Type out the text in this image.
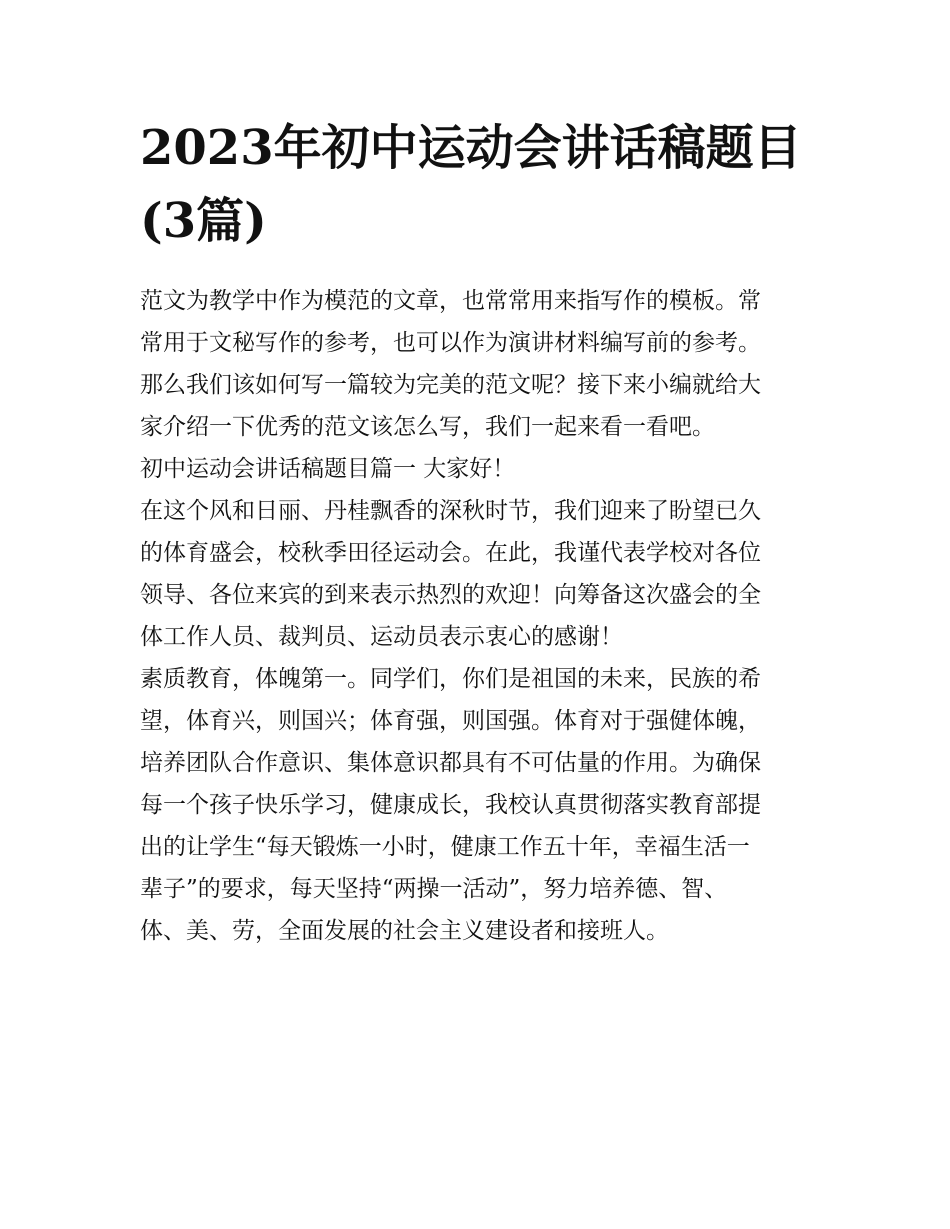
2023年初中运动会讲话稿题目
(3篇)
范文为教学中作为模范的文章，也常常用来指写作的模板。常
常用于文秘写作的参考，也可以作为演讲材料编写前的参考。
那么我们该如何写一篇较为完美的范文呢？接下来小编就给大
家介绍一下优秀的范文该怎么写，我们一起来看一看吧。
初中运动会讲话稿题目篇一 大家好！
在这个风和日丽、丹桂飘香的深秋时节，我们迎来了盼望已久
的体育盛会，校秋季田径运动会。在此，我谨代表学校对各位
领导、各位来宾的到来表示热烈的欢迎！向筹备这次盛会的全
体工作人员、裁判员、运动员表示衷心的感谢！
素质教育，体魄第一。同学们，你们是祖国的未来，民族的希
望，体育兴，则国兴；体育强，则国强。体育对于强健体魄，
培养团队合作意识、集体意识都具有不可估量的作用。为确保
每一个孩子快乐学习，健康成长，我校认真贯彻落实教育部提
出的让学生“每天锻炼一小时，健康工作五十年，幸福生活一
辈子”的要求，每天坚持“两操一活动”，努力培养德、智、
体、美、劳，全面发展的社会主义建设者和接班人。
